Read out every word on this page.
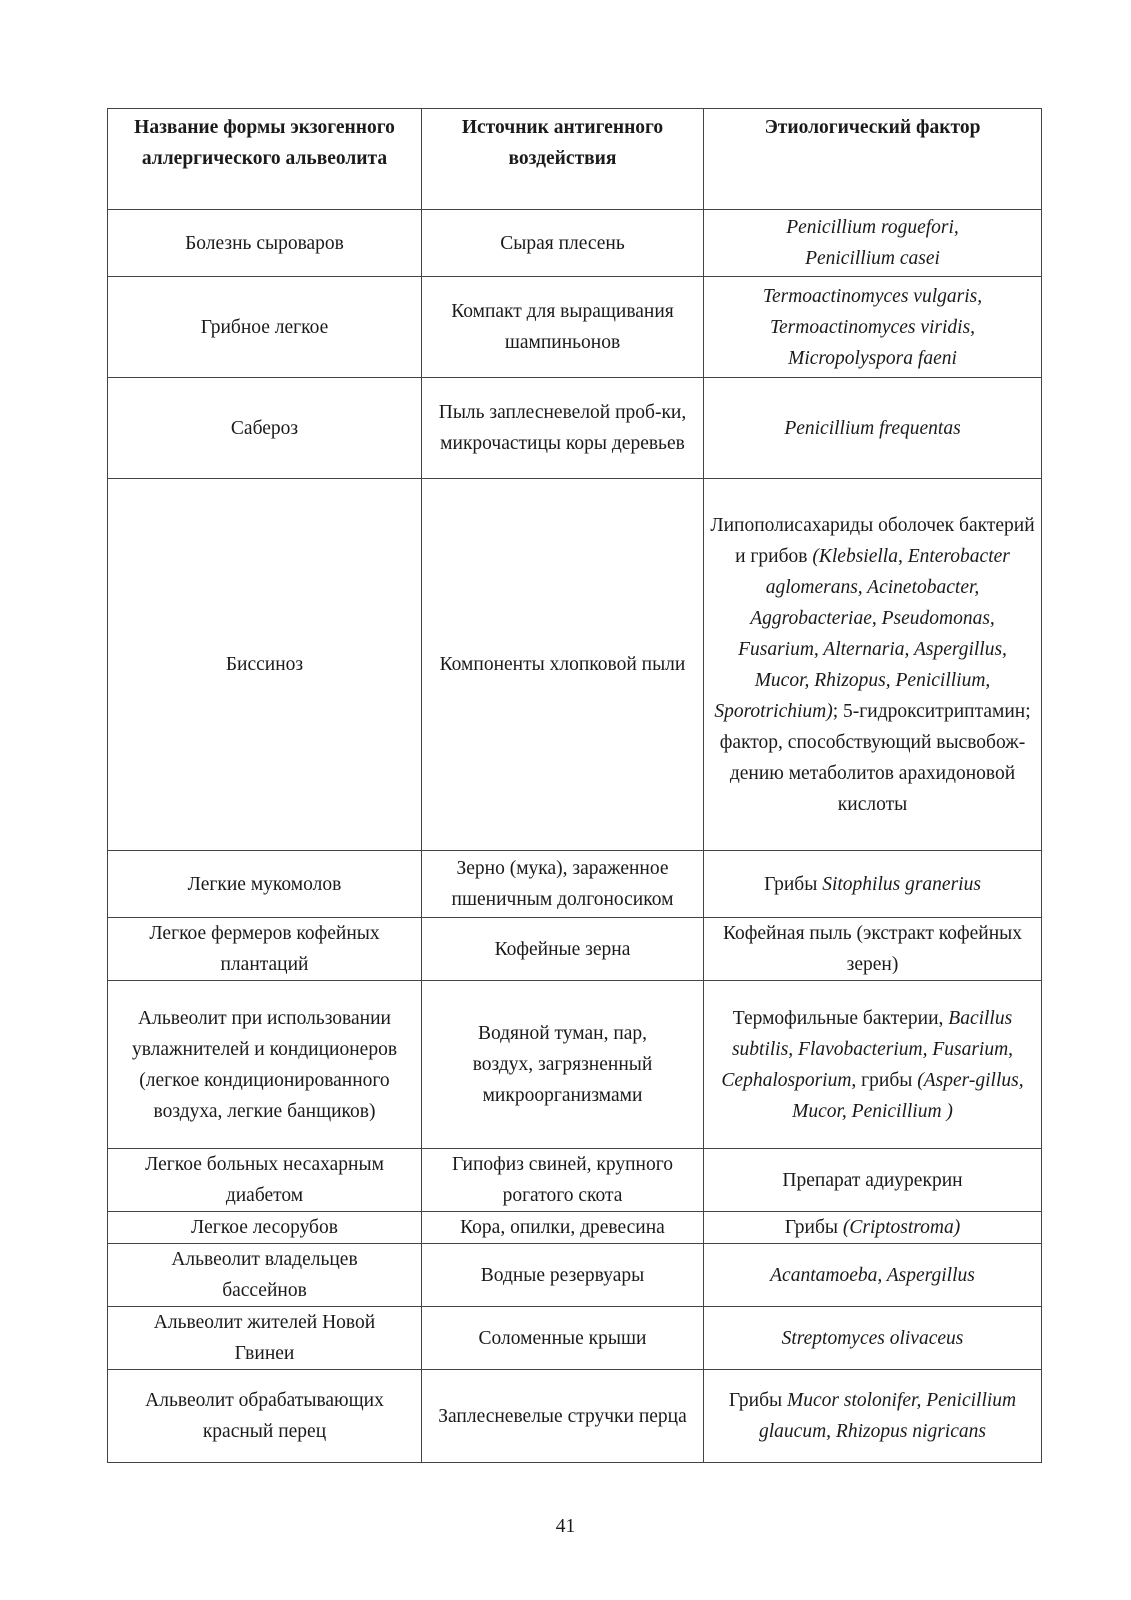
Название формы экзогенного аллергического альвеолита	Источник антигенного воздействия	Этиологический фактор
Болезнь сыроваров	Сырая плесень	Penicillium roguefori, Penicillium casei
Грибное легкое	Компакт для выращивания шампиньонов	Termoactinomyces vulgaris, Termoactinomyces viridis, Micropolyspora faeni
Сабероз	Пыль заплесневелой проб-ки, микрочастицы коры деревьев	Penicillium frequentas
Биссиноз	Компоненты хлопковой пыли	Липополисахариды оболочек бактерий и грибов (Klebsiella, Enterobacter aglomerans, Acinetobacter, Aggrobacteriae, Pseudomonas, Fusarium, Alternaria, Aspergillus, Mucor, Rhizopus, Penicillium, Sporotrichium); 5-гидрокситриптамин; фактор, способствующий высвобож-дению метаболитов арахидоновой кислоты
Легкие мукомолов	Зерно (мука), зараженное пшеничным долгоносиком	Грибы Sitophilus granerius
Легкое фермеров кофейных плантаций	Кофейные зерна	Кофейная пыль (экстракт кофейных зерен)
Альвеолит при использовании увлажнителей и кондиционеров (легкое кондиционированного воздуха, легкие банщиков)	Водяной туман, пар, воздух, загрязненный микроорганизмами	Термофильные бактерии, Bacillus subtilis, Flavobacterium, Fusarium, Cephalosporium, грибы (Asper-gillus, Mucor, Penicillium )
Легкое больных несахарным диабетом	Гипофиз свиней, крупного рогатого скота	Препарат адиурекрин
Легкое лесорубов	Кора, опилки, древесина	Грибы (Criptostroma)
Альвеолит владельцев бассейнов	Водные резервуары	Acantamoeba, Aspergillus
Альвеолит жителей Новой Гвинеи	Соломенные крыши	Streptomyces olivaceus
Альвеолит обрабатывающих красный перец	Заплесневелые стручки перца	Грибы Mucor stolonifer, Penicillium glaucum, Rhizopus nigricans
41
